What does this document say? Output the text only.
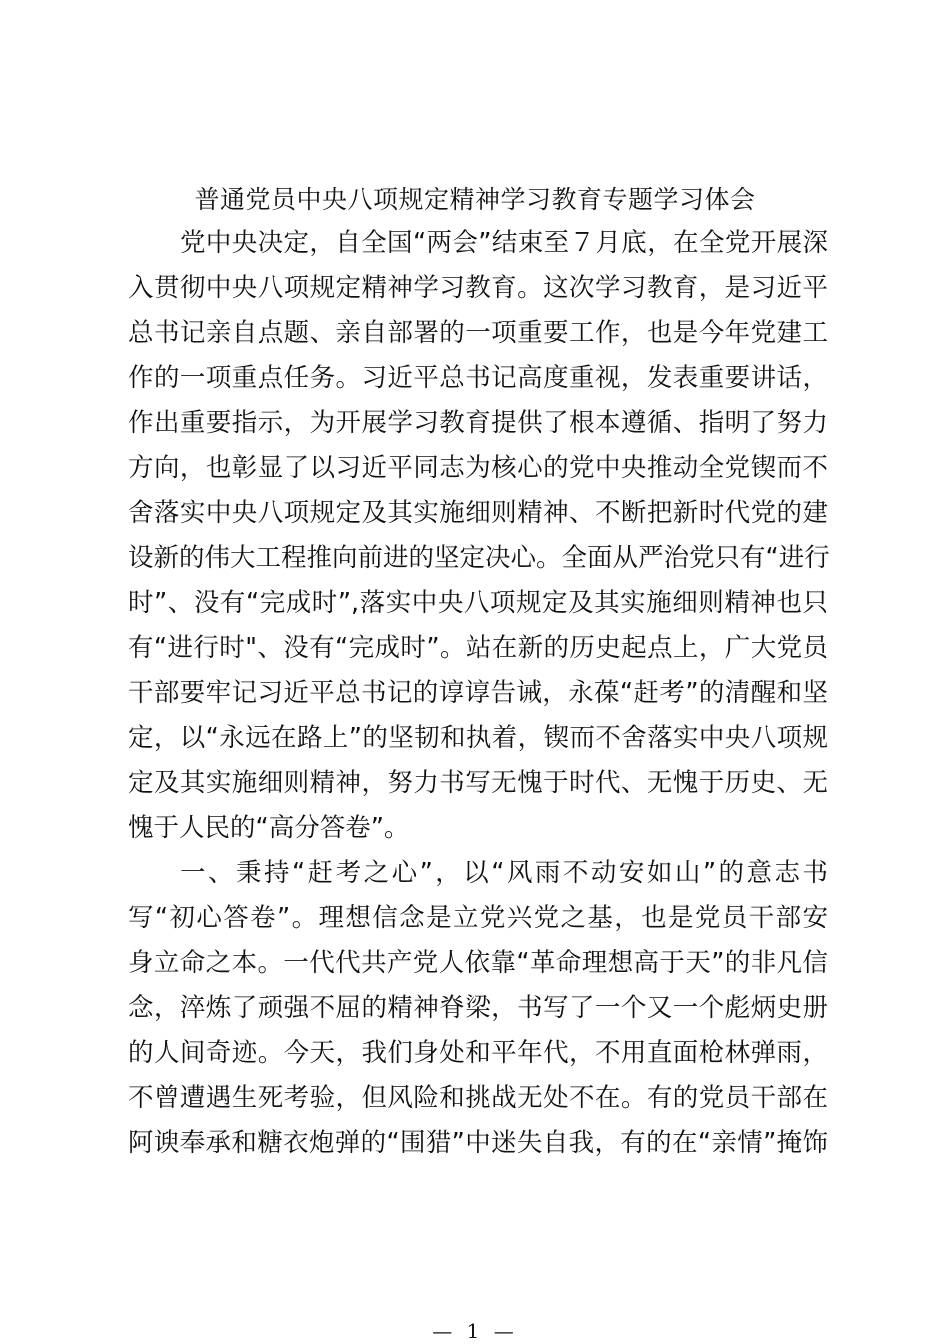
普通党员中央八项规定精神学习教育专题学习体会
党中央决定，自全国“两会”结束至７月底，在全党开展深
入贯彻中央八项规定精神学习教育。这次学习教育，是习近平
总书记亲自点题、亲自部署的一项重要工作，也是今年党建工
作的一项重点任务。习近平总书记高度重视，发表重要讲话，
作出重要指示，为开展学习教育提供了根本遵循、指明了努力
方向，也彰显了以习近平同志为核心的党中央推动全党锲而不
舍落实中央八项规定及其实施细则精神、不断把新时代党的建
设新的伟大工程推向前进的坚定决心。全面从严治党只有“进行
时”、没有“完成时”,落实中央八项规定及其实施细则精神也只
有“进行时"、没有“完成时”。站在新的历史起点上，广大党员
干部要牢记习近平总书记的谆谆告诫，永葆“赶考”的清醒和坚
定，以“永远在路上”的坚韧和执着，锲而不舍落实中央八项规
定及其实施细则精神，努力书写无愧于时代、无愧于历史、无
愧于人民的“高分答卷”。
一、秉持“赶考之心”，以“风雨不动安如山”的意志书
写“初心答卷”。理想信念是立党兴党之基，也是党员干部安
身立命之本。一代代共产党人依靠“革命理想高于天”的非凡信
念，淬炼了顽强不屈的精神脊梁，书写了一个又一个彪炳史册
的人间奇迹。今天，我们身处和平年代，不用直面枪林弹雨，
不曾遭遇生死考验，但风险和挑战无处不在。有的党员干部在
阿谀奉承和糖衣炮弹的“围猎”中迷失自我，有的在“亲情”掩饰
— 1 —
